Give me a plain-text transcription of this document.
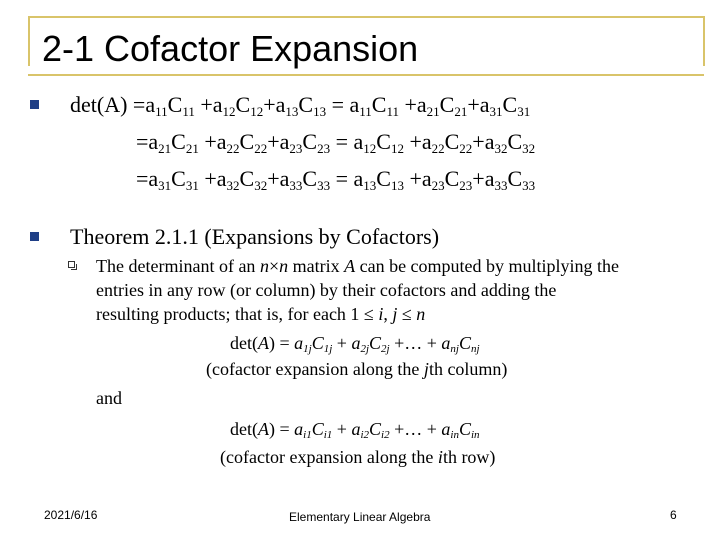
2-1 Cofactor Expansion
$\det(A) =a_{11}C_{11} +a_{12}C_{12}+a_{13}C_{13} = a_{11}C_{11} +a_{21}C_{21}+a_{31}C_{31}$
$=a_{21}C_{21} +a_{22}C_{22}+a_{23}C_{23} = a_{12}C_{12} +a_{22}C_{22}+a_{32}C_{32}$
$=a_{31}C_{31} +a_{32}C_{32}+a_{33}C_{33} = a_{13}C_{13} +a_{23}C_{23}+a_{33}C_{33}$
Theorem 2.1.1 (Expansions by Cofactors)
The determinant of an n×n matrix A can be computed by multiplying the
entries in any row (or column) by their cofactors and adding the
resulting products; that is, for each 1 ≤ i, j ≤ n
$\det(A) = a_{1j}C_{1j} + a_{2j}C_{2j}$ +… + $a_{nj}C_{nj}$
(cofactor expansion along the jth column)
and
$\det(A) = a_{i1}C_{i1} + a_{i2}C_{i2}$ +… + $a_{in}C_{in}$
(cofactor expansion along the ith row)
2021/6/16	Elementary Linear Algebra	6
